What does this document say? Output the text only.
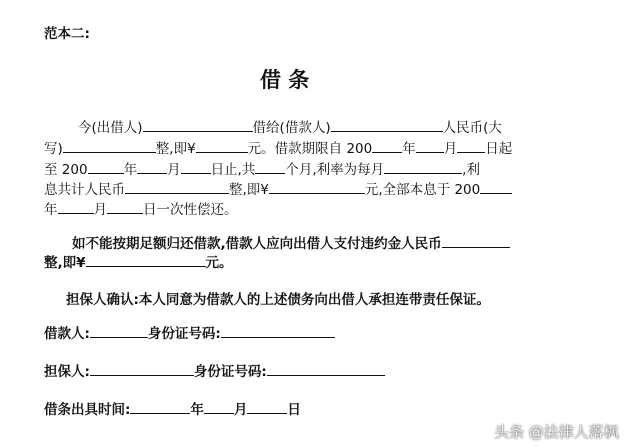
范本二:
借 条
今(出借人)	借给(借款人)	人民币(大
写)	整,即¥	元。借款期限自 200 年 月 日起
至 200	年 月 日止,共 个月,利率为每月	,利
息共计人民币	整,即¥	元,全部本息于 200
年	月	日一次性偿还。
如不能按期足额归还借款,借款人应向出借人支付违约金人民币
整,即¥	元。
担保人确认:本人同意为借款人的上述债务向出借人承担连带责任保证。
借款人:	身份证号码:
担保人:	身份证号码:
借条出具时间:	年 月	日
头条 @法律人落枫
